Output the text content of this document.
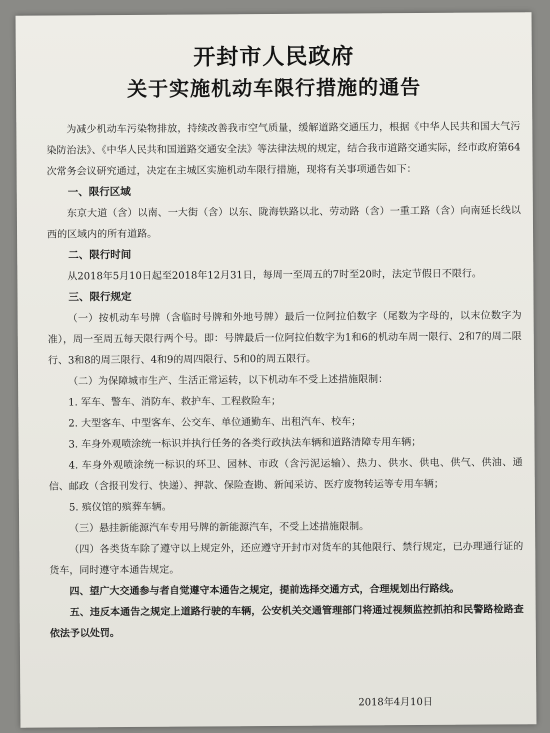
开封市人民政府
关于实施机动车限行措施的通告

为减少机动车污染物排放，持续改善我市空气质量，缓解道路交通压力，根据《中华人民共和国大气污染防治法》、《中华人民共和国道路交通安全法》等法律法规的规定，结合我市道路交通实际，经市政府第64次常务会议研究通过，决定在主城区实施机动车限行措施，现将有关事项通告如下：

一、限行区域

东京大道（含）以南、一大街（含）以东、陇海铁路以北、劳动路（含）一重工路（含）向南延长线以西的区域内的所有道路。

二、限行时间

从2018年5月10日起至2018年12月31日，每周一至周五的7时至20时，法定节假日不限行。

三、限行规定

（一）按机动车号牌（含临时号牌和外地号牌）最后一位阿拉伯数字（尾数为字母的，以末位数字为准），周一至周五每天限行两个号。即：号牌最后一位阿拉伯数字为1和6的机动车周一限行、2和7的周二限行、3和8的周三限行、4和9的周四限行、5和0的周五限行。

（二）为保障城市生产、生活正常运转，以下机动车不受上述措施限制：

1. 军车、警车、消防车、救护车、工程救险车；

2. 大型客车、中型客车、公交车、单位通勤车、出租汽车、校车；

3. 车身外观喷涂统一标识并执行任务的各类行政执法车辆和道路清障专用车辆；

4. 车身外观喷涂统一标识的环卫、园林、市政（含污泥运输）、热力、供水、供电、供气、供油、通信、邮政（含报刊发行、快递）、押款、保险查勘、新闻采访、医疗废物转运等专用车辆；

5. 殡仪馆的殡葬车辆。

（三）悬挂新能源汽车专用号牌的新能源汽车，不受上述措施限制。

（四）各类货车除了遵守以上规定外，还应遵守开封市对货车的其他限行、禁行规定，已办理通行证的货车，同时遵守本通告规定。

四、望广大交通参与者自觉遵守本通告之规定，提前选择交通方式，合理规划出行路线。

五、违反本通告之规定上道路行驶的车辆，公安机关交通管理部门将通过视频监控抓拍和民警路检路查依法予以处罚。

2018年4月10日
